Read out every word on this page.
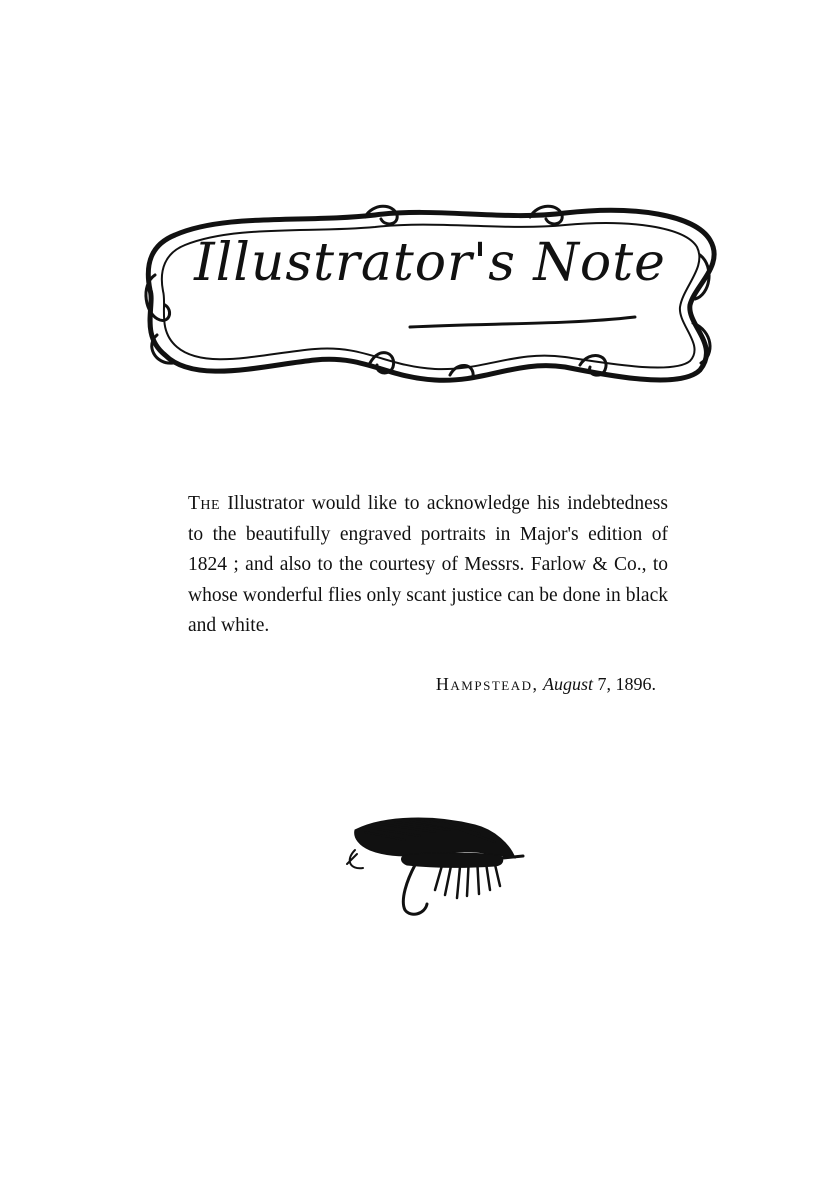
Illustrator's Note

The Illustrator would like to acknowledge his indebtedness to the beautifully engraved portraits in Major's edition of 1824 ; and also to the courtesy of Messrs. Farlow & Co., to whose wonderful flies only scant justice can be done in black and white.

Hampstead, August 7, 1896.
